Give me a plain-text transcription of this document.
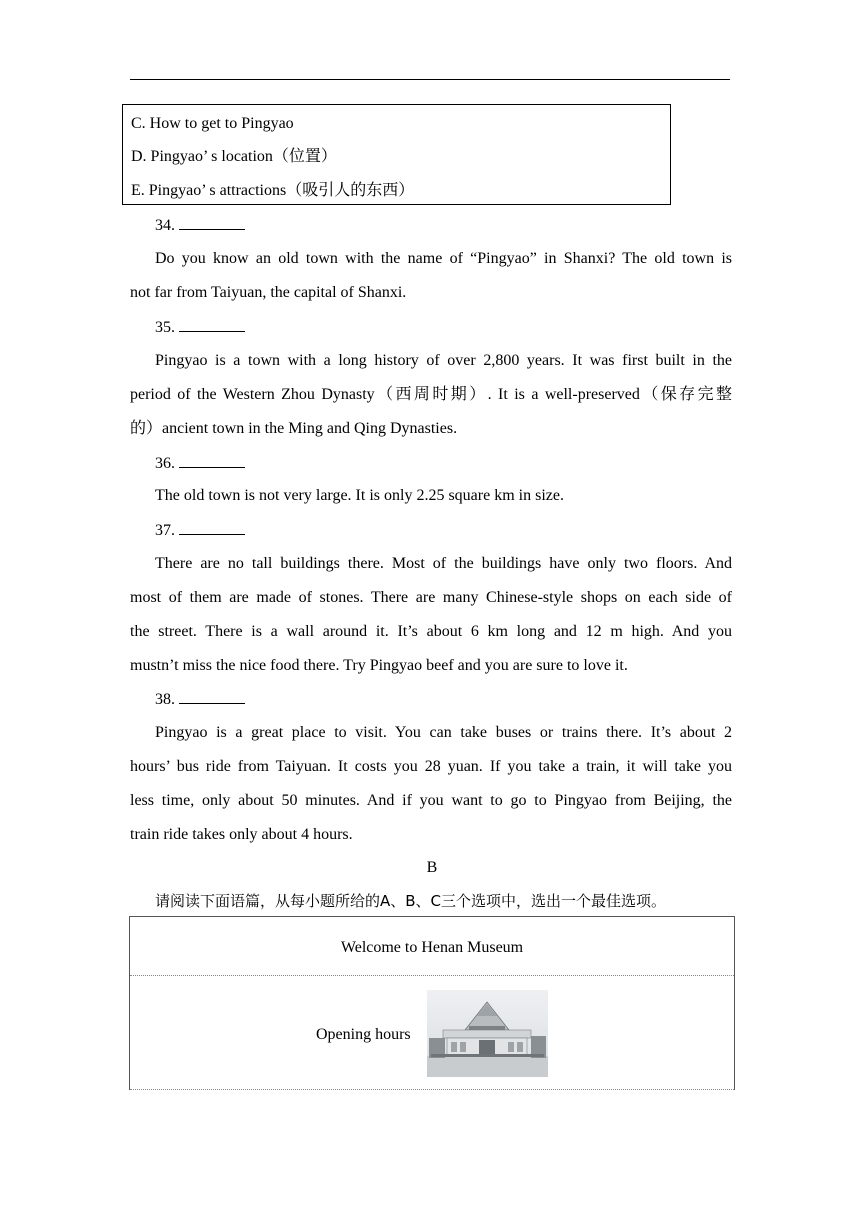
C. How to get to Pingyao
D. Pingyao’ s location（位置）
E. Pingyao’ s attractions（吸引人的东西）
34.
Do you know an old town with the name of “Pingyao” in Shanxi? The old town is
not far from Taiyuan, the capital of Shanxi.
35.
Pingyao is a town with a long history of over 2,800 years. It was first built in the
period of the Western Zhou Dynasty（西周时期）. It is a well-preserved（保存完整
的）ancient town in the Ming and Qing Dynasties.
36.
The old town is not very large. It is only 2.25 square km in size.
37.
There are no tall buildings there. Most of the buildings have only two floors. And
most of them are made of stones. There are many Chinese-style shops on each side of
the street. There is a wall around it. It’s about 6 km long and 12 m high. And you
mustn’t miss the nice food there. Try Pingyao beef and you are sure to love it.
38.
Pingyao is a great place to visit. You can take buses or trains there. It’s about 2
hours’ bus ride from Taiyuan. It costs you 28 yuan. If you take a train, it will take you
less time, only about 50 minutes. And if you want to go to Pingyao from Beijing, the
train ride takes only about 4 hours.
B
请阅读下面语篇，从每小题所给的A、B、C三个选项中，选出一个最佳选项。
Welcome to Henan Museum
Opening hours
